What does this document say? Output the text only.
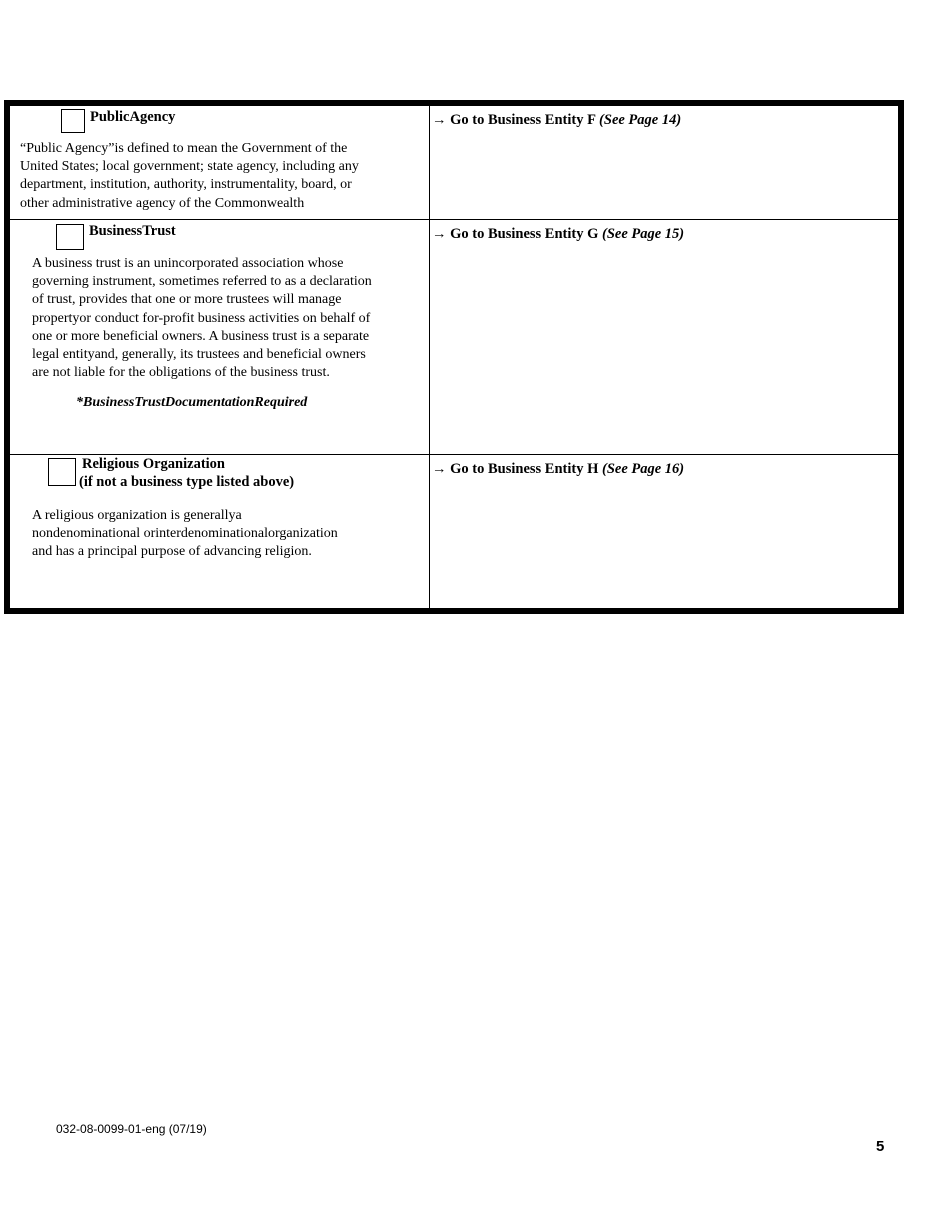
PublicAgency
“Public Agency”is defined to mean the Government of the
United States; local government; state agency, including any
department, institution, authority, instrumentality, board, or
other administrative agency of the Commonwealth
→ Go to Business Entity F (See Page 14)
BusinessTrust
A business trust is an unincorporated association whose
governing instrument, sometimes referred to as a declaration
of trust, provides that one or more trustees will manage
propertyor conduct for-profit business activities on behalf of
one or more beneficial owners. A business trust is a separate
legal entityand, generally, its trustees and beneficial owners
are not liable for the obligations of the business trust.
*BusinessTrustDocumentationRequired
→ Go to Business Entity G (See Page 15)
Religious Organization
(if not a business type listed above)
A religious organization is generallya
nondenominational orinterdenominationalorganization
and has a principal purpose of advancing religion.
→ Go to Business Entity H (See Page 16)
032-08-0099-01-eng (07/19)
5
